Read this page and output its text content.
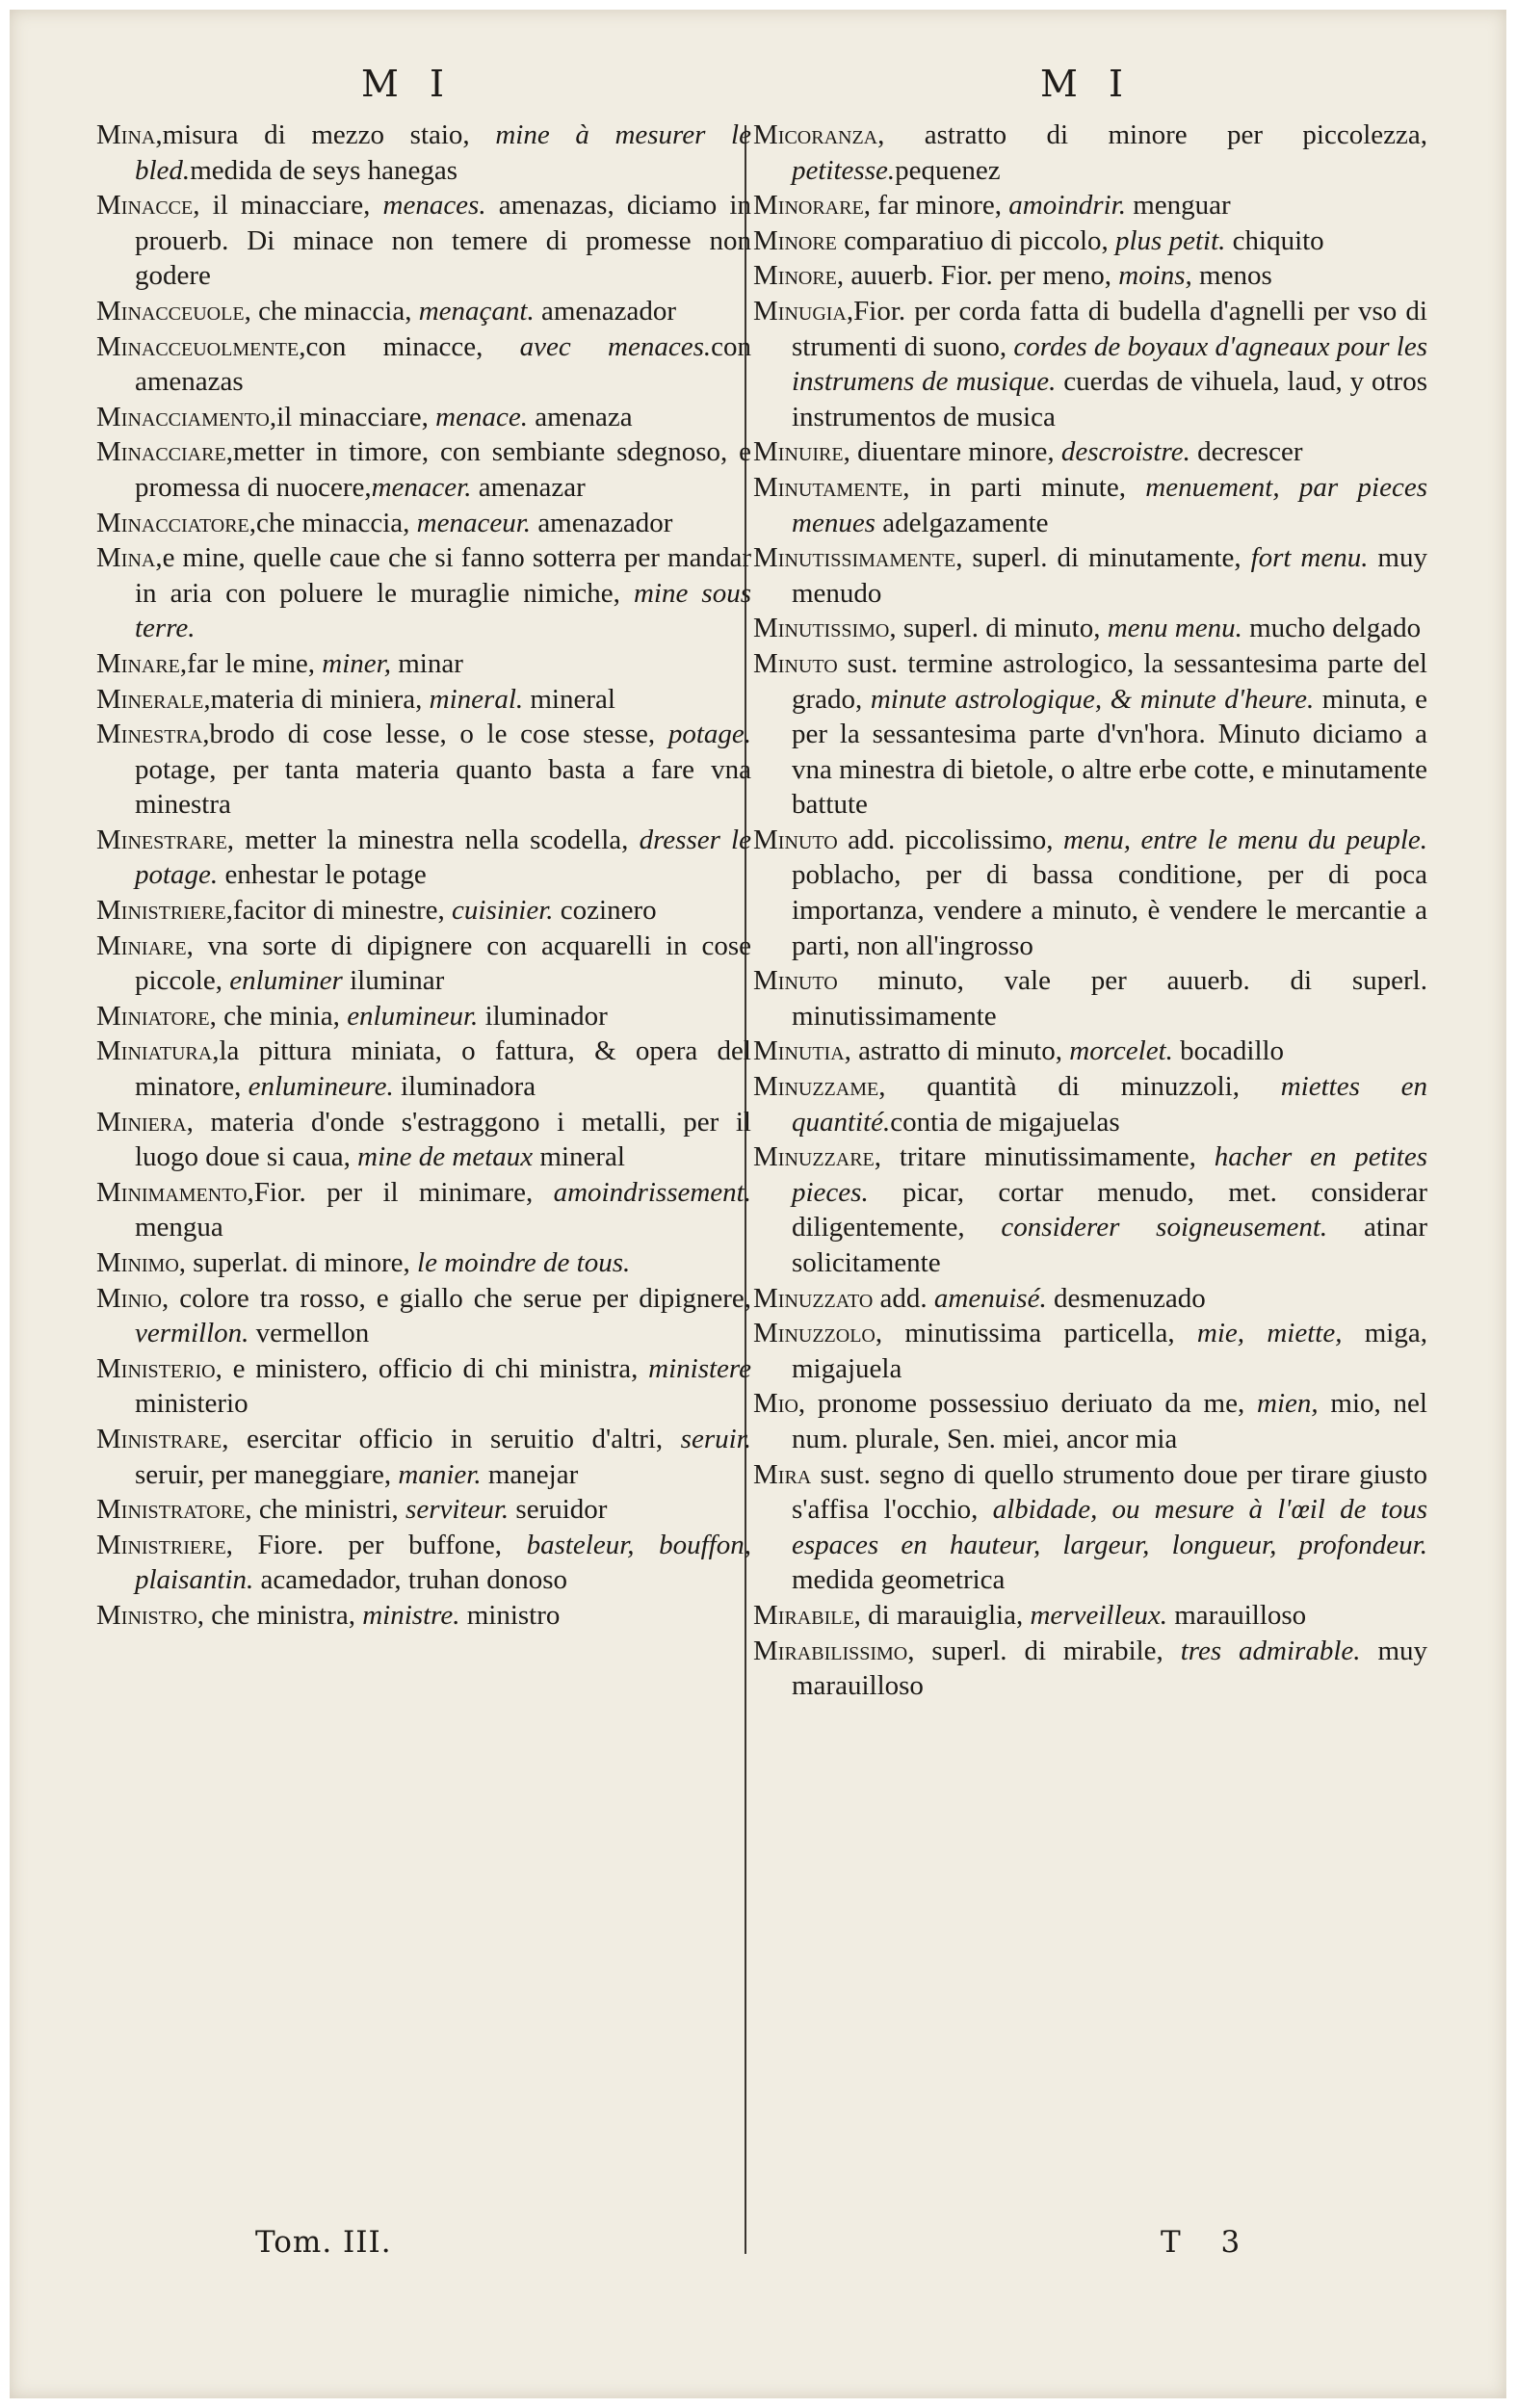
M I	M I

Mina,misura di mezzo staio, mine à mesurer le bled.medida de seys hanegas

Minacce, il minacciare, menaces. amenazas, diciamo in prouerb. Di minace non temere di promesse non godere

Minacceuole, che minaccia, menaçant. amenazador

Minacceuolmente,con minacce, avec menaces.con amenazas

Minacciamento,il minacciare, menace. amenaza

Minacciare,metter in timore, con sembiante sdegnoso, e promessa di nuocere,menacer. amenazar

Minacciatore,che minaccia, menaceur. amenazador

Mina,e mine, quelle caue che si fanno sotterra per mandar in aria con poluere le muraglie nimiche, mine sous terre.

Minare,far le mine, miner, minar

Minerale,materia di miniera, mineral. mineral

Minestra,brodo di cose lesse, o le cose stesse, potage. potage, per tanta materia quanto basta a fare vna minestra

Minestrare, metter la minestra nella scodella, dresser le potage. enhestar le potage

Ministriere,facitor di minestre, cuisinier. cozinero

Miniare, vna sorte di dipignere con acquarelli in cose piccole, enluminer iluminar

Miniatore, che minia, enlumineur. iluminador

Miniatura,la pittura miniata, o fattura, & opera del minatore, enlumineure. iluminadora

Miniera, materia d'onde s'estraggono i metalli, per il luogo doue si caua, mine de metaux mineral

Minimamento,Fior. per il minimare, amoindrissement. mengua

Minimo, superlat. di minore, le moindre de tous.

Minio, colore tra rosso, e giallo che serue per dipignere, vermillon. vermellon

Ministerio, e ministero, officio di chi ministra, ministere ministerio

Ministrare, esercitar officio in seruitio d'altri, seruir. seruir, per maneggiare, manier. manejar

Ministratore, che ministri, serviteur. seruidor

Ministriere, Fiore. per buffone, basteleur, bouffon, plaisantin. acamedador, truhan donoso

Ministro, che ministra, ministre. ministro

Micoranza, astratto di minore per piccolezza, petitesse.pequenez

Minorare, far minore, amoindrir. menguar

Minore comparatiuo di piccolo, plus petit. chiquito

Minore, auuerb. Fior. per meno, moins, menos

Minugia,Fior. per corda fatta di budella d'agnelli per vso di strumenti di suono, cordes de boyaux d'agneaux pour les instrumens de musique. cuerdas de vihuela, laud, y otros instrumentos de musica

Minuire, diuentare minore, descroistre. decrescer

Minutamente, in parti minute, menuement, par pieces menues adelgazamente

Minutissimamente, superl. di minutamente, fort menu. muy menudo

Minutissimo, superl. di minuto, menu menu. mucho delgado

Minuto sust. termine astrologico, la sessantesima parte del grado, minute astrologique, & minute d'heure. minuta, e per la sessantesima parte d'vn'hora. Minuto diciamo a vna minestra di bietole, o altre erbe cotte, e minutamente battute

Minuto add. piccolissimo, menu, entre le menu du peuple. poblacho, per di bassa conditione, per di poca importanza, vendere a minuto, è vendere le mercantie a parti, non all'ingrosso

Minuto minuto, vale per auuerb. di superl. minutissimamente

Minutia, astratto di minuto, morcelet. bocadillo

Minuzzame, quantità di minuzzoli, miettes en quantité.contia de migajuelas

Minuzzare, tritare minutissimamente, hacher en petites pieces. picar, cortar menudo, met. considerar diligentemente, considerer soigneusement. atinar solicitamente

Minuzzato add. amenuisé. desmenuzado

Minuzzolo, minutissima particella, mie, miette, miga, migajuela

Mio, pronome possessiuo deriuato da me, mien, mio, nel num. plurale, Sen. miei, ancor mia

Mira sust. segno di quello strumento doue per tirare giusto s'affisa l'occhio, albidade, ou mesure à l'œil de tous espaces en hauteur, largeur, longueur, profondeur. medida geometrica

Mirabile, di marauiglia, merveilleux. marauilloso

Mirabilissimo, superl. di mirabile, tres admirable. muy marauilloso

Tom. III.	T 3
